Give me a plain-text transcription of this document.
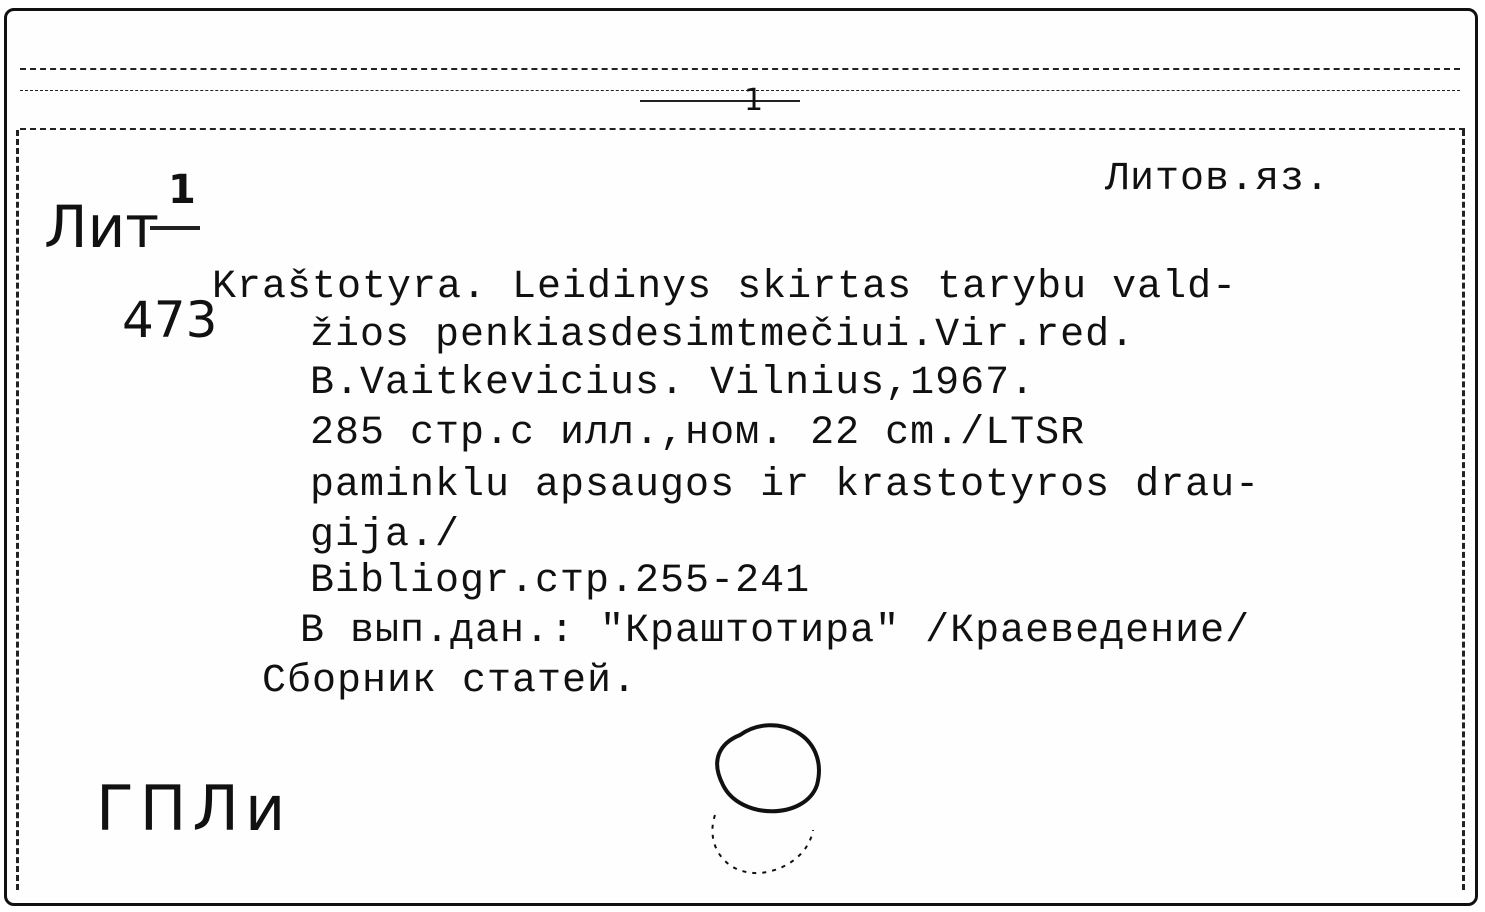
1
Литов.яз.
Лит
1
473
Kraštotyra. Leidinys skirtas tarybu vald-
žios penkiasdesimtmečiui.Vir.red.
B.Vaitkevicius. Vilnius,1967.
285 стр.с илл.,ном. 22 cm./LTSR
paminklu apsaugos ir krastotyros drau-
gija./
Bibliogr.стр.255-241
В вып.дан.: "Краштотира" /Краеведение/
Сборник статей.
ГПЛи
